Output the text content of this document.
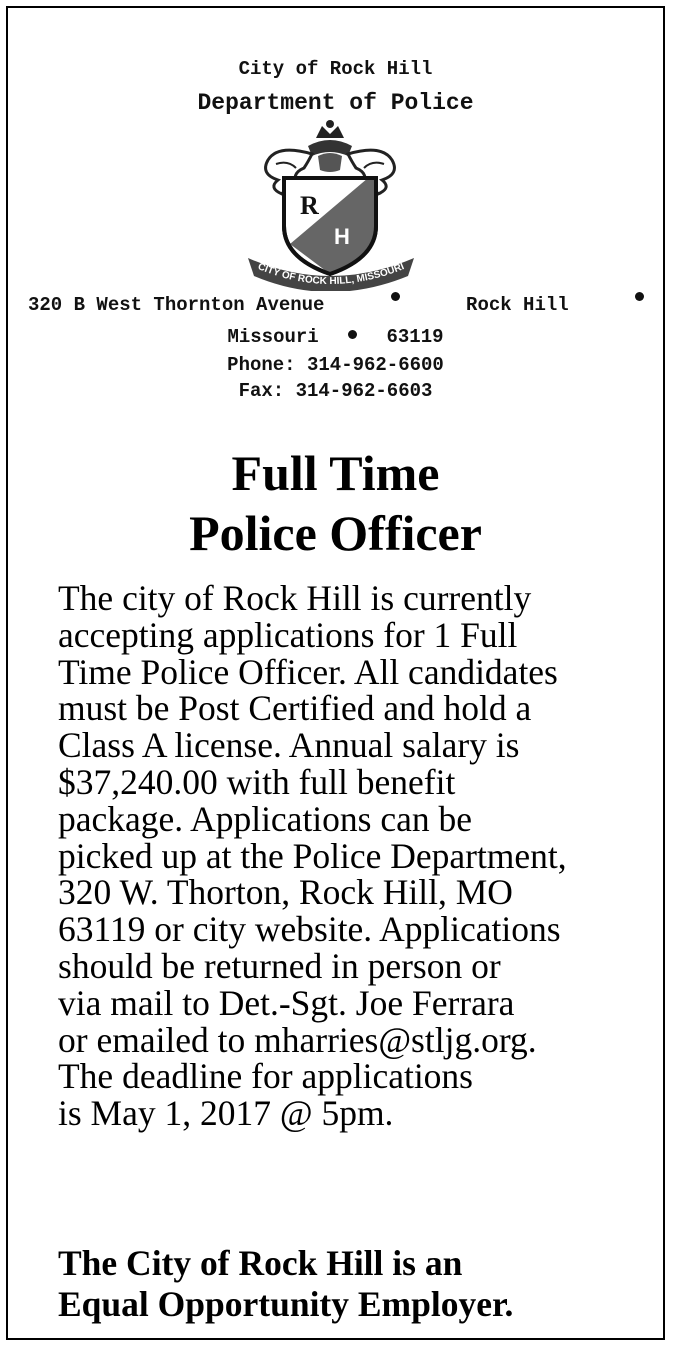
City of Rock Hill
Department of Police
R
H
CITY OF ROCK HILL, MISSOURI
320 B West Thornton Avenue	Rock Hill
Missouri	63119
Phone: 314-962-6600
Fax: 314-962-6603
Full Time
Police Officer
The city of Rock Hill is currently
accepting applications for 1 Full
Time Police Officer. All candidates
must be Post Certified and hold a
Class A license. Annual salary is
$37,240.00 with full benefit
package. Applications can be
picked up at the Police Department,
320 W. Thorton, Rock Hill, MO
63119 or city website. Applications
should be returned in person or
via mail to Det.-Sgt. Joe Ferrara
or emailed to mharries@stljg.org.
The deadline for applications
is May 1, 2017 @ 5pm.
The City of Rock Hill is an
Equal Opportunity Employer.
